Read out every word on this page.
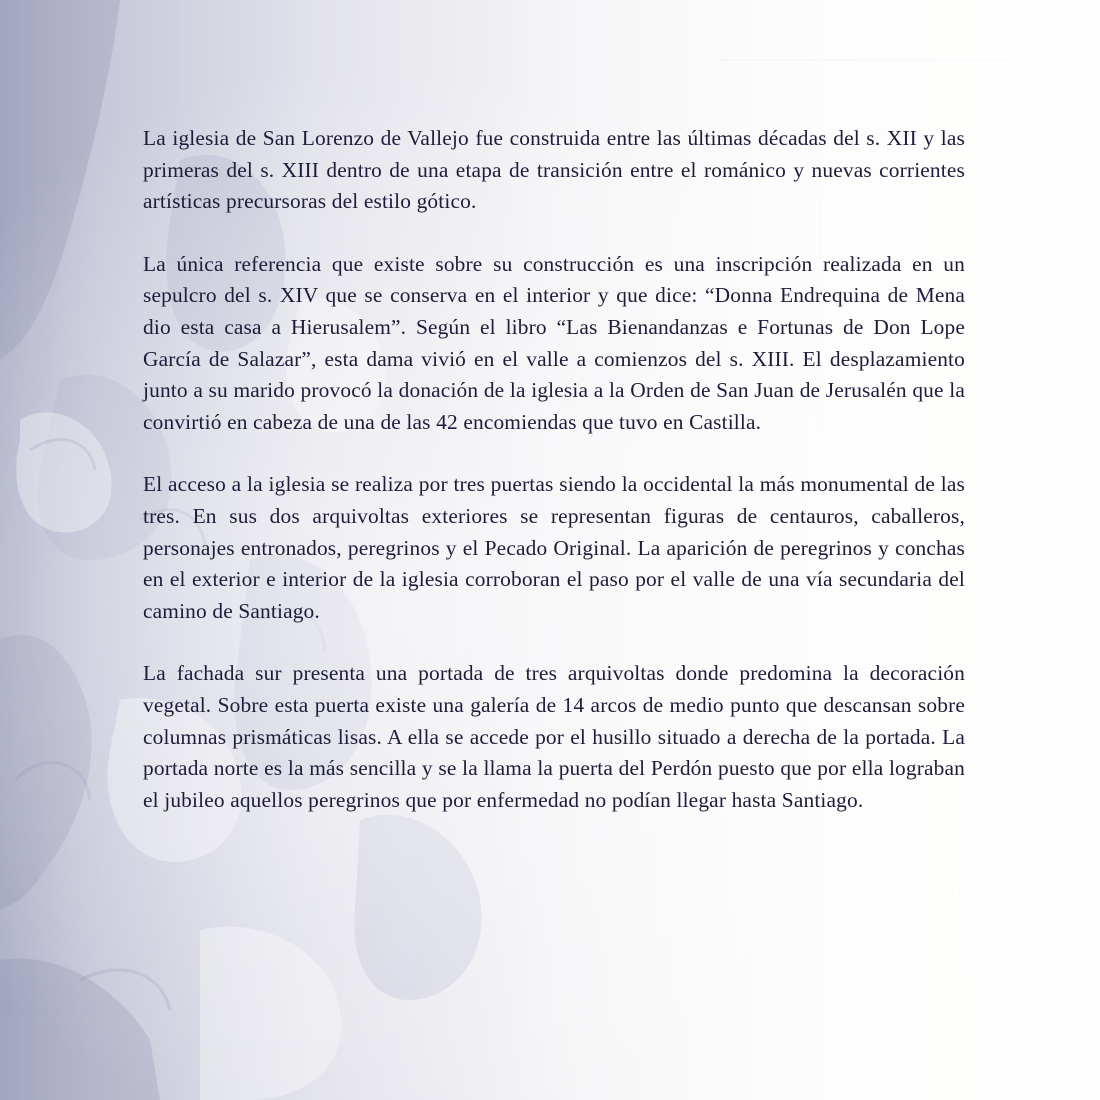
La iglesia de San Lorenzo de Vallejo fue construida entre las últimas décadas del s. XII y las primeras del s. XIII dentro de una etapa de transición entre el románico y nuevas corrientes artísticas precursoras del estilo gótico.

La única referencia que existe sobre su construcción es una inscripción realizada en un sepulcro del s. XIV que se conserva en el interior y que dice: “Donna Endrequina de Mena dio esta casa a Hierusalem”. Según el libro “Las Bienandanzas e Fortunas de Don Lope García de Salazar”, esta dama vivió en el valle a comienzos del s. XIII. El desplazamiento junto a su marido provocó la donación de la iglesia a la Orden de San Juan de Jerusalén que la convirtió en cabeza de una de las 42 encomiendas que tuvo en Castilla.

El acceso a la iglesia se realiza por tres puertas siendo la occidental la más monumental de las tres. En sus dos arquivoltas exteriores se representan figuras de centauros, caballeros, personajes entronados, peregrinos y el Pecado Original. La aparición de peregrinos y conchas en el exterior e interior de la iglesia corroboran el paso por el valle de una vía secundaria del camino de Santiago.

La fachada sur presenta una portada de tres arquivoltas donde predomina la decoración vegetal. Sobre esta puerta existe una galería de 14 arcos de medio punto que descansan sobre columnas prismáticas lisas. A ella se accede por el husillo situado a derecha de la portada. La portada norte es la más sencilla y se la llama la puerta del Perdón puesto que por ella lograban el jubileo aquellos peregrinos que por enfermedad no podían llegar hasta Santiago.
